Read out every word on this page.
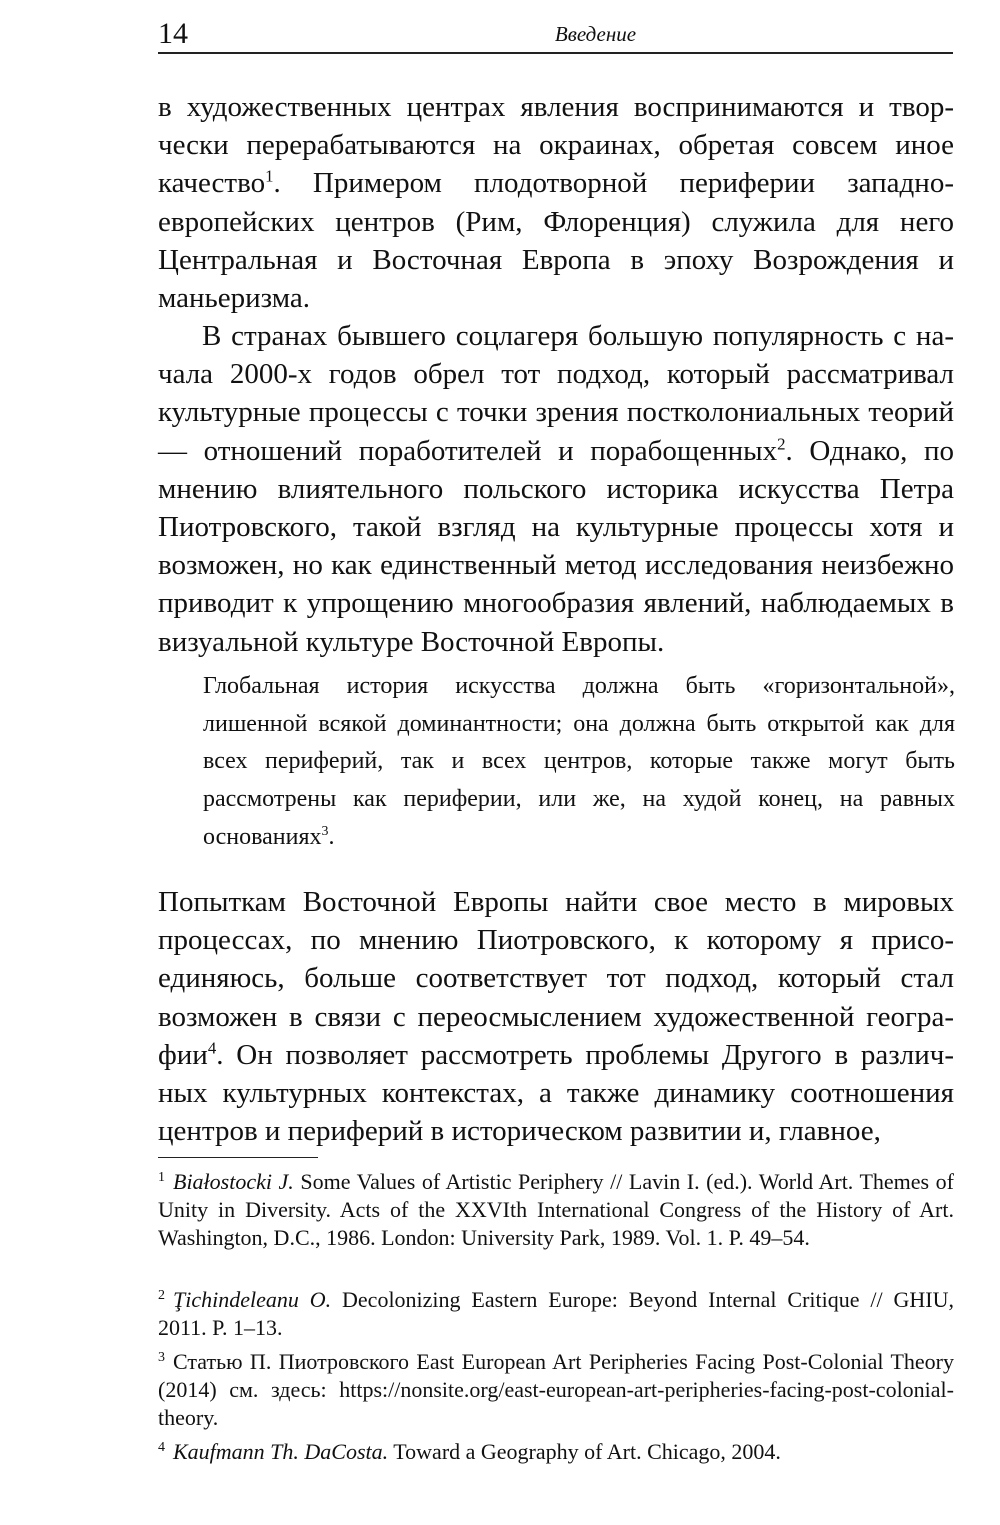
14	Введение

в художественных центрах явления воспринимаются и творчески перерабатываются на окраинах, обретая совсем иное качество$^1$. Примером плодотворной периферии западноевропейских центров (Рим, Флоренция) служила для него Центральная и Восточная Европа в эпоху Возрождения и маньеризма.

В странах бывшего соцлагеря большую популярность с начала 2000-х годов обрел тот подход, который рассматривал культурные процессы с точки зрения постколониальных теорий — отношений поработителей и порабощенных$^2$. Однако, по мнению влиятельного польского историка искусства Петра Пиотровского, такой взгляд на культурные процессы хотя и возможен, но как единственный метод исследования неизбежно приводит к упрощению многообразия явлений, наблюдаемых в визуальной культуре Восточной Европы.

Глобальная история искусства должна быть «горизонтальной», лишенной всякой доминантности; она должна быть открытой как для всех периферий, так и всех центров, которые также могут быть рассмотрены как периферии, или же, на худой конец, на равных основаниях$^3$.

Попыткам Восточной Европы найти свое место в мировых процессах, по мнению Пиотровского, к которому я присоединяюсь, больше соответствует тот подход, который стал возможен в связи с переосмыслением художественной географии$^4$. Он позволяет рассмотреть проблемы Другого в различных культурных контекстах, а также динамику соотношения центров и периферий в историческом развитии и, главное,

$^1$ Białostocki J. Some Values of Artistic Periphery // Lavin I. (ed.). World Art. Themes of Unity in Diversity. Acts of the XXVIth International Congress of the History of Art. Washington, D.C., 1986. London: University Park, 1989. Vol. 1. P. 49–54.

$^2$ Ţichindeleanu O. Decolonizing Eastern Europe: Beyond Internal Critique // GHIU, 2011. P. 1–13.

$^3$ Статью П. Пиотровского East European Art Peripheries Facing Post-Colonial Theory (2014) см. здесь: https://nonsite.org/east-european-art-peripheries-facing-post-colonial-theory.

$^4$ Kaufmann Th. DaCosta. Toward a Geography of Art. Chicago, 2004.
